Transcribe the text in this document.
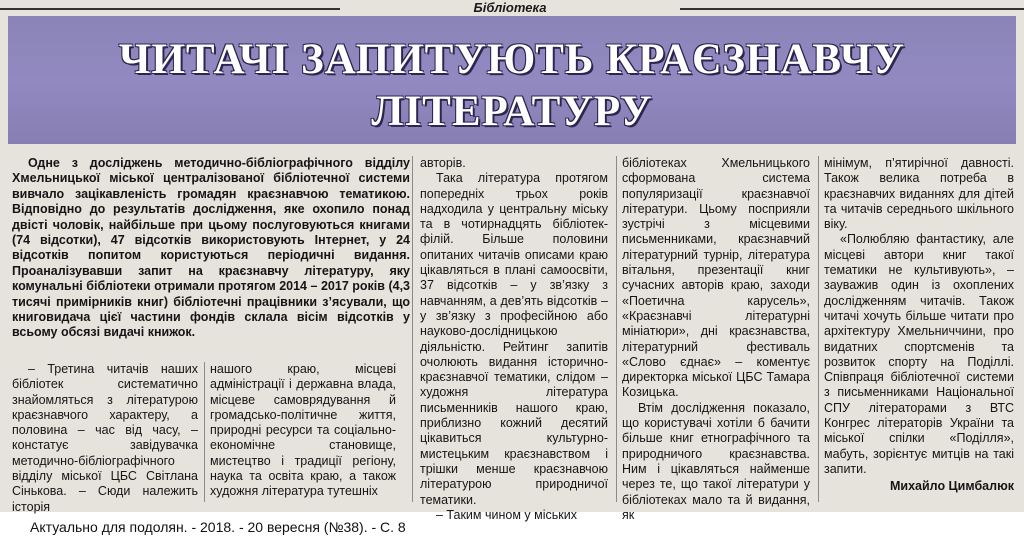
Бібліотека
ЧИТАЧІ ЗАПИТУЮТЬ КРАЄЗНАВЧУ
ЛІТЕРАТУРУ

Одне з досліджень методично-бібліографічного відділу Хмельницької міської централізованої бібліотечної системи вивчало зацікавленість громадян краєзнавчою тематикою. Відповідно до результатів дослідження, яке охопило понад двісті чоловік, найбільше при цьому послуговуються книгами (74 відсотки), 47 відсотків використовують Інтернет, у 24 відсотків попитом користуються періодичні видання. Проаналізувавши запит на краєзнавчу літературу, яку комунальні бібліотеки отримали протягом 2014 – 2017 років (4,3 тисячі примірників книг) бібліотечні працівники з’ясували, що книговидача цієї частини фондів склала вісім відсотків у всьому обсязі видачі книжок.

– Третина читачів наших бібліотек систематично знайомляться з літературою краєзнавчого характеру, а половина – час від часу, – констатує завідувачка методично-бібліографічного відділу міської ЦБС Світлана Сінькова. – Сюди належить історія

нашого краю, місцеві адміністрації і державна влада, місцеве самоврядування й громадсько-політичне життя, природні ресурси та соціально-економічне становище, мистецтво і традиції регіону, наука та освіта краю, а також художня література тутешніх

авторів.

Така література протягом попередніх трьох років надходила у центральну міську та в чотирнадцять бібліотек-філій. Більше половини опитаних читачів описами краю цікавляться в плані самоосвіти, 37 відсотків – у зв’язку з навчанням, а дев’ять відсотків – у зв’язку з професійною або науково-дослідницькою діяльністю. Рейтинг запитів очолюють видання історично-краєзнавчої тематики, слідом – художня література письменників нашого краю, приблизно кожний десятий цікавиться культурно-мистецьким краєзнавством і трішки менше краєзнавчою літературою природничої тематики.

– Таким чином у міських

бібліотеках Хмельницького сформована система популяризації краєзнавчої літератури. Цьому посприяли зустрічі з місцевими письменниками, краєзнавчий літературний турнір, література вітальня, презентації книг сучасних авторів краю, заходи «Поетична карусель», «Краєзнавчі літературні мініатюри», дні краєзнавства, літературний фестиваль «Слово єднає» – коментує директорка міської ЦБС Тамара Козицька.

Втім дослідження показало, що користувачі хотіли б бачити більше книг етнографічного та природничого краєзнавства. Ним і цікавляться найменше через те, що такої літератури у бібліотеках мало та й видання, як

мінімум, п’ятирічної давності. Також велика потреба в краєзнавчих виданнях для дітей та читачів середнього шкільного віку.

«Полюбляю фантастику, але місцеві автори книг такої тематики не культивують», – зауважив один із охоплених дослідженням читачів. Також читачі хочуть більше читати про архітектуру Хмельниччини, про видатних спортсменів та розвиток спорту на Поділлі. Співпраця бібліотечної системи з письменниками Національної СПУ літераторами з ВТС Конгрес літераторів України та міської спілки «Поділля», мабуть, зорієнтує митців на такі запити.

Михайло Цимбалюк
Актуально для подолян. - 2018. - 20 вересня (№38). - С. 8
